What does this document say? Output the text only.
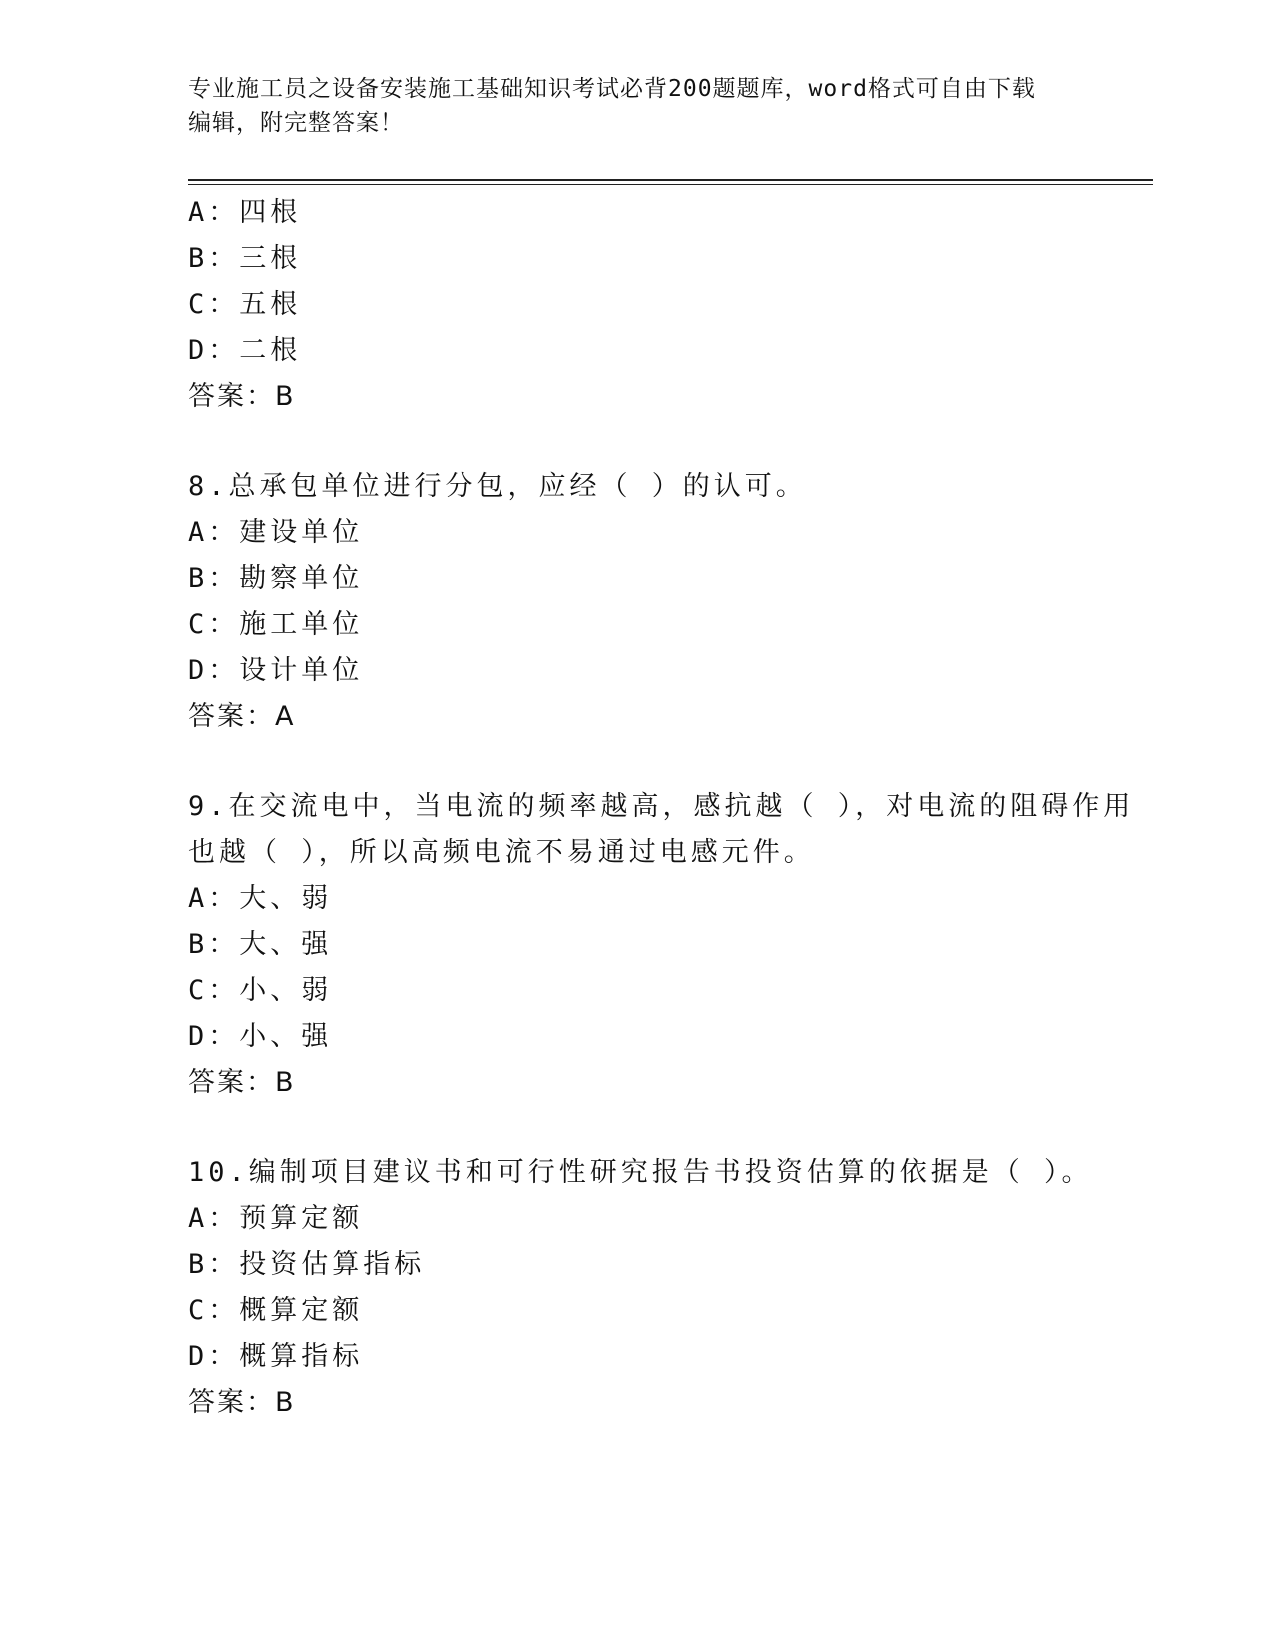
专业施工员之设备安装施工基础知识考试必背200题题库，word格式可自由下载
编辑，附完整答案！
A：四根
B：三根
C：五根
D：二根
答案：B
8.总承包单位进行分包，应经（ ）的认可。
A：建设单位
B：勘察单位
C：施工单位
D：设计单位
答案：A
9.在交流电中，当电流的频率越高，感抗越（ ），对电流的阻碍作用
也越（ ），所以高频电流不易通过电感元件。
A：大、弱
B：大、强
C：小、弱
D：小、强
答案：B
10.编制项目建议书和可行性研究报告书投资估算的依据是（ ）。
A：预算定额
B：投资估算指标
C：概算定额
D：概算指标
答案：B
